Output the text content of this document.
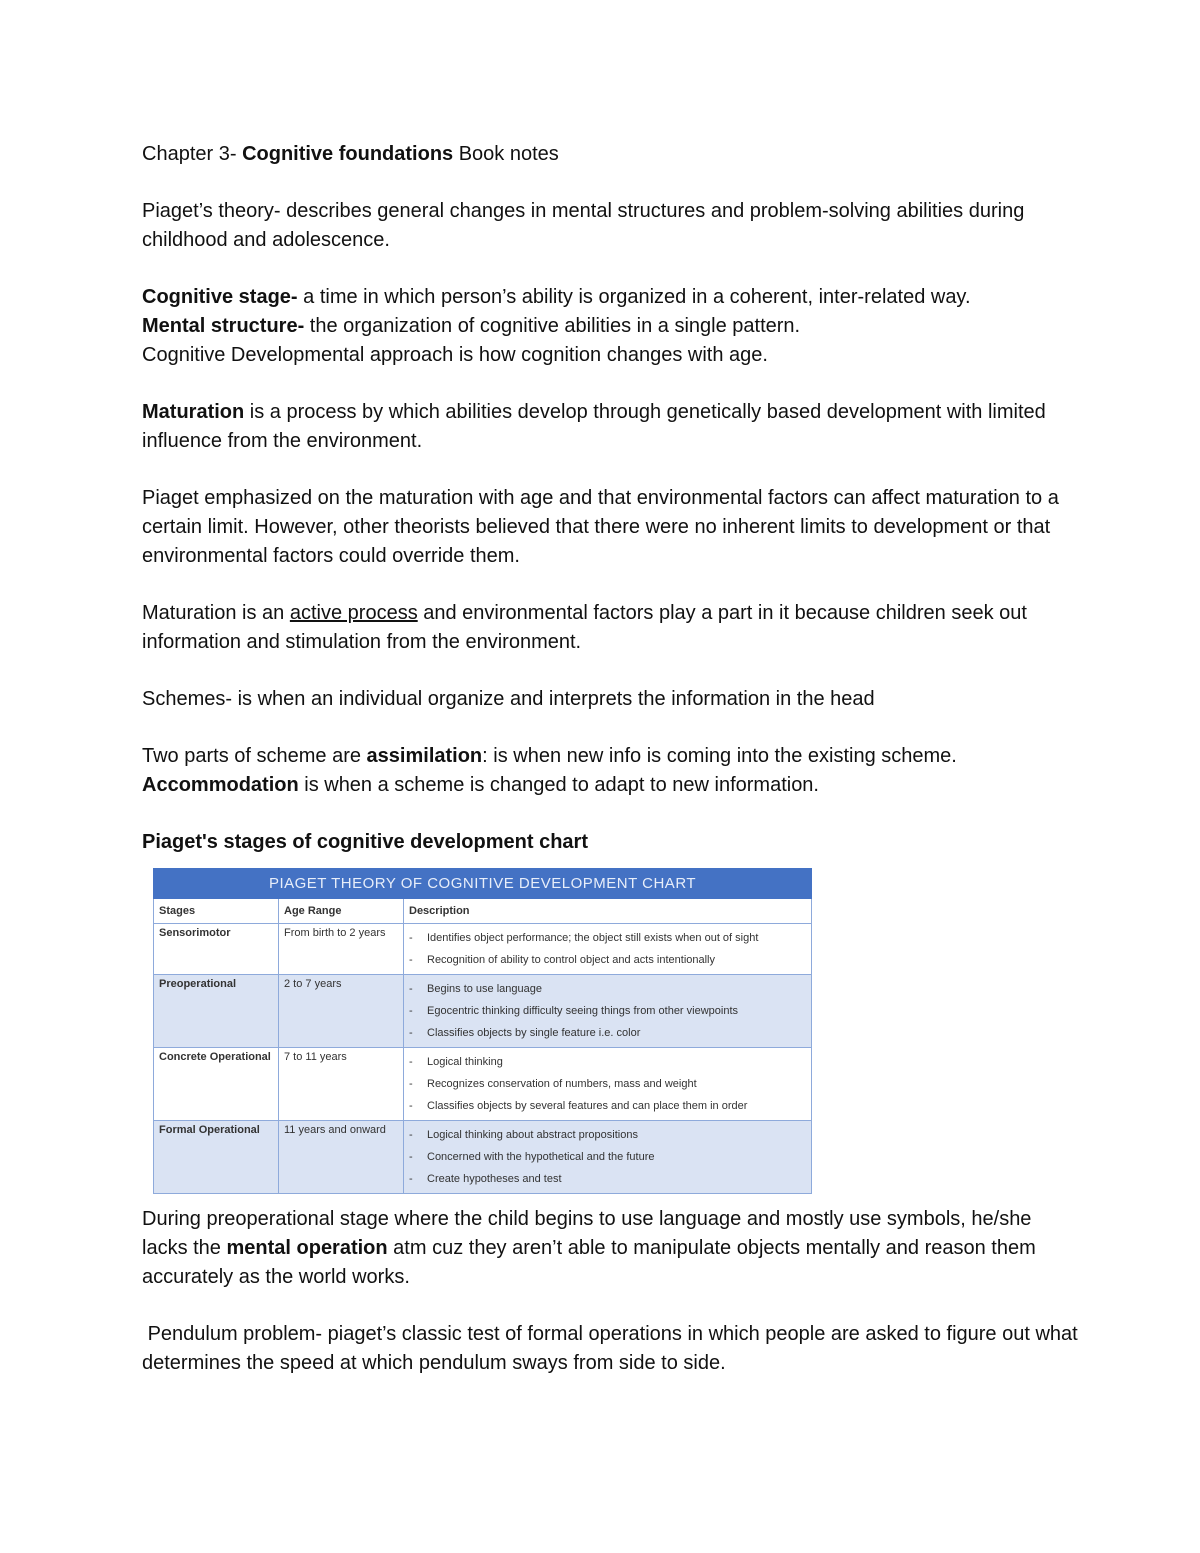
Chapter 3- Cognitive foundations Book notes

Piaget’s theory- describes general changes in mental structures and problem-solving abilities during childhood and adolescence.

Cognitive stage- a time in which person’s ability is organized in a coherent, inter-related way.

Mental structure- the organization of cognitive abilities in a single pattern.

Cognitive Developmental approach is how cognition changes with age.

Maturation is a process by which abilities develop through genetically based development with limited influence from the environment.

Piaget emphasized on the maturation with age and that environmental factors can affect maturation to a certain limit. However, other theorists believed that there were no inherent limits to development or that environmental factors could override them.

Maturation is an active process and environmental factors play a part in it because children seek out information and stimulation from the environment.

Schemes- is when an individual organize and interprets the information in the head

Two parts of scheme are assimilation: is when new info is coming into the existing scheme.

Accommodation is when a scheme is changed to adapt to new information.

Piaget's stages of cognitive development chart

PIAGET THEORY OF COGNITIVE DEVELOPMENT CHART		
Stages	Age Range	Description
Sensorimotor	From birth to 2 years	- Identifies object performance; the object still exists when out of sight
- Recognition of ability to control object and acts intentionally

Preoperational	2 to 7 years	- Begins to use language
- Egocentric thinking difficulty seeing things from other viewpoints
- Classifies objects by single feature i.e. color

Concrete Operational	7 to 11 years	- Logical thinking
- Recognizes conservation of numbers, mass and weight
- Classifies objects by several features and can place them in order

Formal Operational	11 years and onward	- Logical thinking about abstract propositions
- Concerned with the hypothetical and the future
- Create hypotheses and test

During preoperational stage where the child begins to use language and mostly use symbols, he/she lacks the mental operation atm cuz they aren’t able to manipulate objects mentally and reason them accurately as the world works.

Pendulum problem- piaget’s classic test of formal operations in which people are asked to figure out what determines the speed at which pendulum sways from side to side.
